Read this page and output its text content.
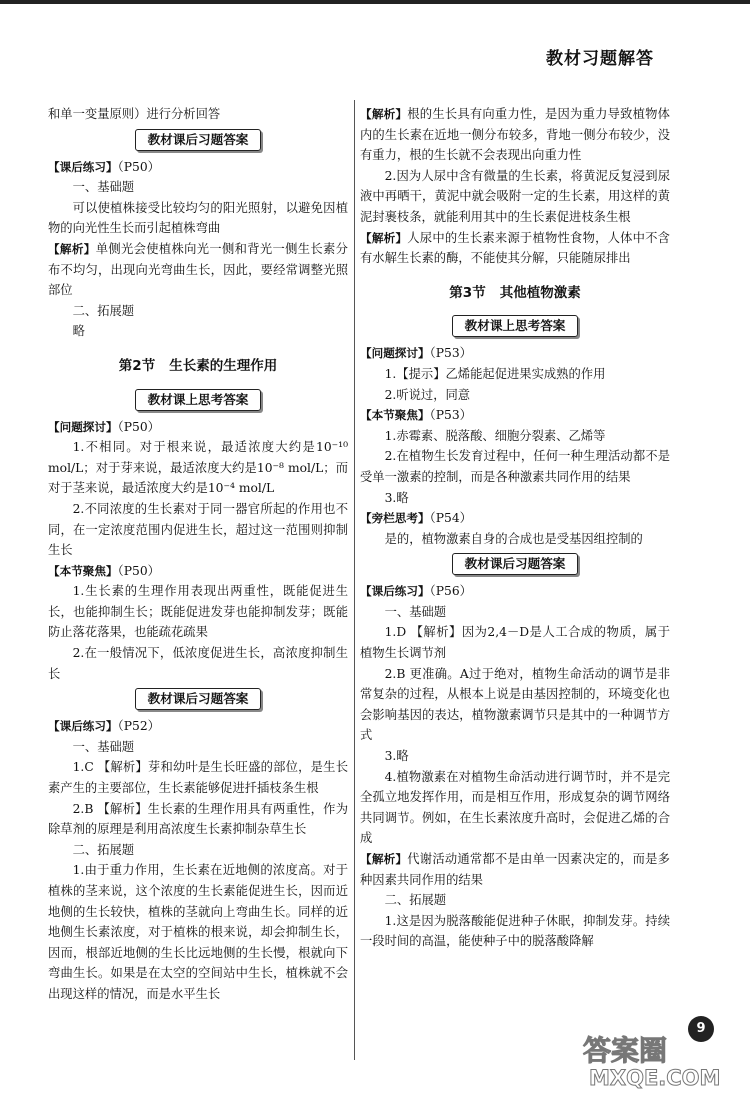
教材习题解答

和单一变量原则）进行分析回答

教材课后习题答案

【课后练习】（P50）

一、基础题

可以使植株接受比较均匀的阳光照射，以避免因植物的向光性生长而引起植株弯曲

【解析】单侧光会使植株向光一侧和背光一侧生长素分布不均匀，出现向光弯曲生长，因此，要经常调整光照部位

二、拓展题

略

第2节 生长素的生理作用
教材课上思考答案

【问题探讨】（P50）

1.不相同。对于根来说，最适浓度大约是10⁻¹⁰ mol/L；对于芽来说，最适浓度大约是10⁻⁸ mol/L；而对于茎来说，最适浓度大约是10⁻⁴ mol/L

2.不同浓度的生长素对于同一器官所起的作用也不同，在一定浓度范围内促进生长，超过这一范围则抑制生长

【本节聚焦】（P50）

1.生长素的生理作用表现出两重性，既能促进生长，也能抑制生长；既能促进发芽也能抑制发芽；既能防止落花落果，也能疏花疏果

2.在一般情况下，低浓度促进生长，高浓度抑制生长

教材课后习题答案

【课后练习】（P52）

一、基础题

1.C 【解析】芽和幼叶是生长旺盛的部位，是生长素产生的主要部位，生长素能够促进扦插枝条生根

2.B 【解析】生长素的生理作用具有两重性，作为除草剂的原理是利用高浓度生长素抑制杂草生长

二、拓展题

1.由于重力作用，生长素在近地侧的浓度高。对于植株的茎来说，这个浓度的生长素能促进生长，因而近地侧的生长较快，植株的茎就向上弯曲生长。同样的近地侧生长素浓度，对于植株的根来说，却会抑制生长，因而，根部近地侧的生长比远地侧的生长慢，根就向下弯曲生长。如果是在太空的空间站中生长，植株就不会出现这样的情况，而是水平生长

【解析】根的生长具有向重力性，是因为重力导致植物体内的生长素在近地一侧分布较多，背地一侧分布较少，没有重力，根的生长就不会表现出向重力性

2.因为人尿中含有微量的生长素，将黄泥反复浸到尿液中再晒干，黄泥中就会吸附一定的生长素，用这样的黄泥封裹枝条，就能利用其中的生长素促进枝条生根

【解析】人尿中的生长素来源于植物性食物，人体中不含有水解生长素的酶，不能使其分解，只能随尿排出

第3节 其他植物激素
教材课上思考答案

【问题探讨】（P53）

1.【提示】乙烯能起促进果实成熟的作用

2.听说过，同意

【本节聚焦】（P53）

1.赤霉素、脱落酸、细胞分裂素、乙烯等

2.在植物生长发育过程中，任何一种生理活动都不是受单一激素的控制，而是各种激素共同作用的结果

3.略

【旁栏思考】（P54）

是的，植物激素自身的合成也是受基因组控制的

教材课后习题答案

【课后练习】（P56）

一、基础题

1.D 【解析】因为2,4－D是人工合成的物质，属于植物生长调节剂

2.B 更准确。A过于绝对，植物生命活动的调节是非常复杂的过程，从根本上说是由基因控制的，环境变化也会影响基因的表达，植物激素调节只是其中的一种调节方式

3.略

4.植物激素在对植物生命活动进行调节时，并不是完全孤立地发挥作用，而是相互作用，形成复杂的调节网络共同调节。例如，在生长素浓度升高时，会促进乙烯的合成

【解析】代谢活动通常都不是由单一因素决定的，而是多种因素共同作用的结果

二、拓展题

1.这是因为脱落酸能促进种子休眠，抑制发芽。持续一段时间的高温，能使种子中的脱落酸降解

9
答案圈
MXQE.COM
